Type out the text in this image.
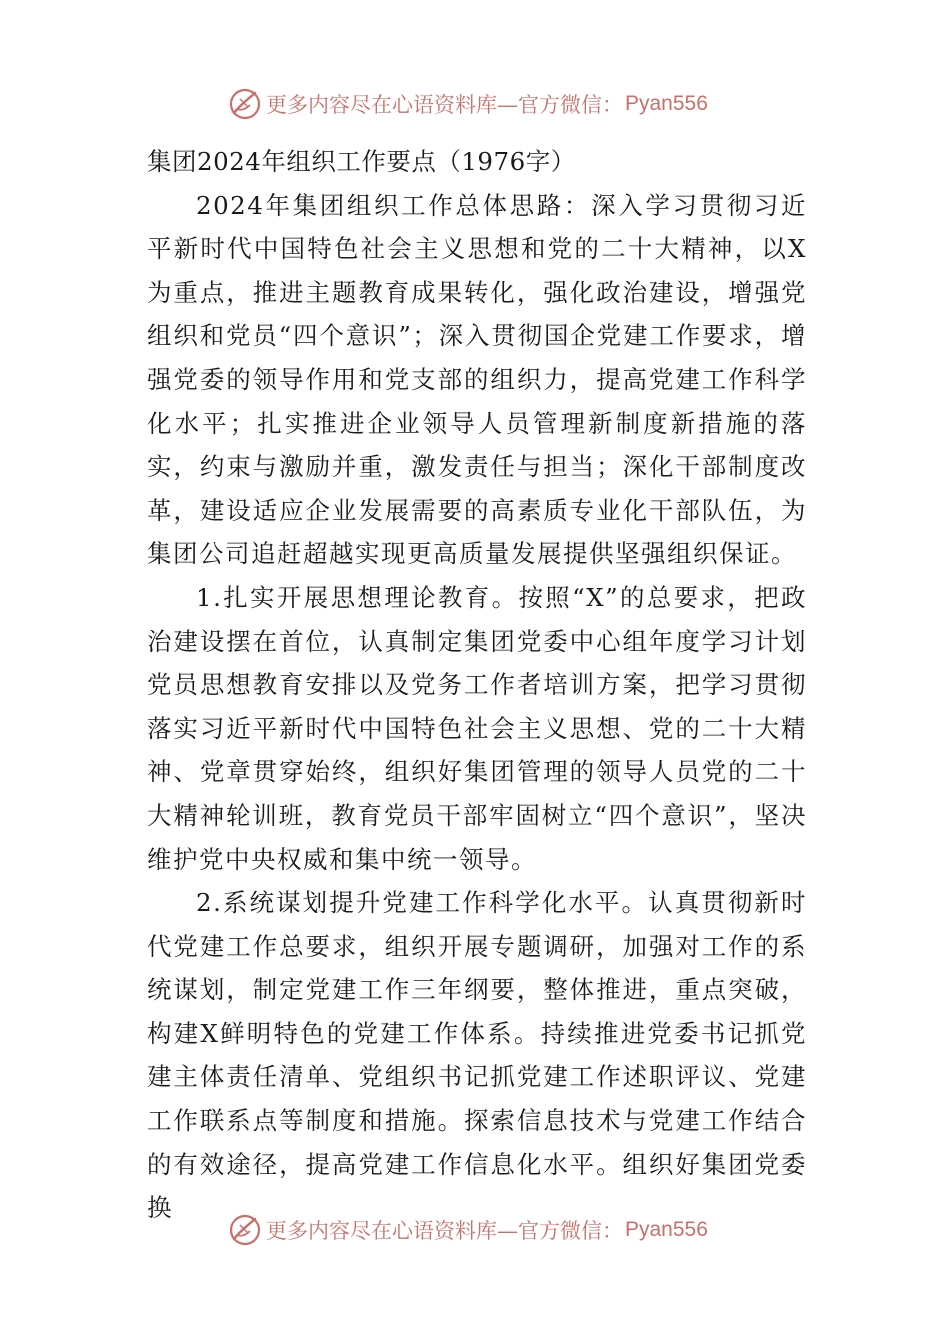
更多内容尽在心语资料库—官方微信： Pyan556

集团2024年组织工作要点（1976字）

2024年集团组织工作总体思路：深入学习贯彻习近平新时代中国特色社会主义思想和党的二十大精神，以X为重点，推进主题教育成果转化，强化政治建设，增强党组织和党员“四个意识”；深入贯彻国企党建工作要求，增强党委的领导作用和党支部的组织力，提高党建工作科学化水平；扎实推进企业领导人员管理新制度新措施的落实，约束与激励并重，激发责任与担当；深化干部制度改革，建设适应企业发展需要的高素质专业化干部队伍，为集团公司追赶超越实现更高质量发展提供坚强组织保证。

1.扎实开展思想理论教育。按照“X”的总要求，把政治建设摆在首位，认真制定集团党委中心组年度学习计划党员思想教育安排以及党务工作者培训方案，把学习贯彻落实习近平新时代中国特色社会主义思想、党的二十大精神、党章贯穿始终，组织好集团管理的领导人员党的二十大精神轮训班，教育党员干部牢固树立“四个意识”，坚决维护党中央权威和集中统一领导。

2.系统谋划提升党建工作科学化水平。认真贯彻新时代党建工作总要求，组织开展专题调研，加强对工作的系统谋划，制定党建工作三年纲要，整体推进，重点突破，构建X鲜明特色的党建工作体系。持续推进党委书记抓党建主体责任清单、党组织书记抓党建工作述职评议、党建工作联系点等制度和措施。探索信息技术与党建工作结合的有效途径，提高党建工作信息化水平。组织好集团党委换

更多内容尽在心语资料库—官方微信： Pyan556
